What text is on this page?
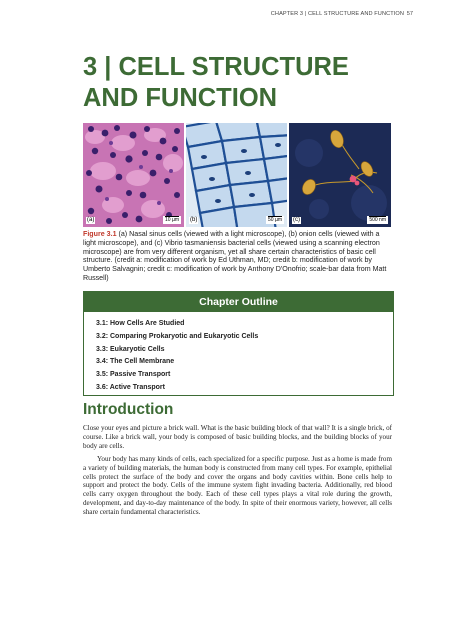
CHAPTER 3 | CELL STRUCTURE AND FUNCTION 57
3 | CELL STRUCTURE AND FUNCTION
(a)	10 µm	(b)	50 µm	(c)	500 nm

Figure 3.1 (a) Nasal sinus cells (viewed with a light microscope), (b) onion cells (viewed with a light microscope), and (c) Vibrio tasmaniensis bacterial cells (viewed using a scanning electron microscope) are from very different organism, yet all share certain characteristics of basic cell structure. (credit a: modification of work by Ed Uthman, MD; credit b: modification of work by Umberto Salvagnin; credit c: modification of work by Anthony D'Onofrio; scale-bar data from Matt Russell)

Chapter Outline
3.1: How Cells Are Studied
3.2: Comparing Prokaryotic and Eukaryotic Cells
3.3: Eukaryotic Cells
3.4: The Cell Membrane
3.5: Passive Transport
3.6: Active Transport
Introduction

Close your eyes and picture a brick wall. What is the basic building block of that wall? It is a single brick, of course. Like a brick wall, your body is composed of basic building blocks, and the building blocks of your body are cells.

Your body has many kinds of cells, each specialized for a specific purpose. Just as a home is made from a variety of building materials, the human body is constructed from many cell types. For example, epithelial cells protect the surface of the body and cover the organs and body cavities within. Bone cells help to support and protect the body. Cells of the immune system fight invading bacteria. Additionally, red blood cells carry oxygen throughout the body. Each of these cell types plays a vital role during the growth, development, and day-to-day maintenance of the body. In spite of their enormous variety, however, all cells share certain fundamental characteristics.
